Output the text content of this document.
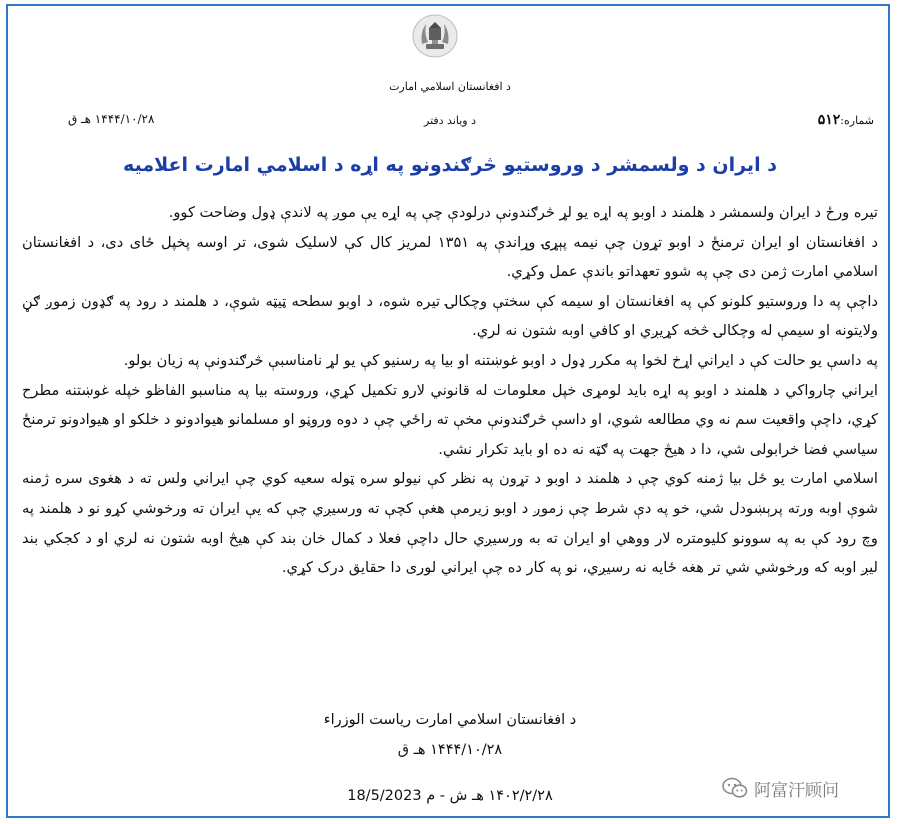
د افغانستان اسلامي امارت
د ویاند دفتر	شماره:۵۱۲
۱۴۴۴/۱۰/۲۸ هـ ق
د ایران د ولسمشر د وروستیو څرګندونو په اړه د اسلامي امارت اعلامیه

تیره ورځ د ایران ولسمشر د هلمند د اوبو په اړه یو لړ څرګندونې درلودې چې په اړه یې موږ په لاندې ډول وضاحت کوو.

د افغانستان او ایران ترمنځ د اوبو تړون چې نیمه پېړۍ وړاندې په ۱۳۵۱ لمریز کال کې لاسلیک شوی، تر اوسه پخپل ځای دی، د افغانستان اسلامي امارت ژمن دی چې په شوو تعهداتو باندې عمل وکړي.

داچې په دا وروستیو کلونو کې په افغانستان او سیمه کې سختې وچکالۍ تیره شوه، د اوبو سطحه ټیټه شوې، د هلمند د رود په ګډون زموږ ګڼ ولایتونه او سیمې له وچکالۍ څخه کړیږي او کافي اوبه شتون نه لري.

په داسې یو حالت کې د ایراني اړخ لخوا په مکرر ډول د اوبو غوښتنه او بیا په رسنیو کې یو لړ نامناسبې څرګندونې په زیان بولو.

ایراني چارواکي د هلمند د اوبو په اړه باید لومړی خپل معلومات له قانوني لارو تکمیل کړي، وروسته بیا په مناسبو الفاظو خپله غوښتنه مطرح کړي، داچې واقعیت سم نه وي مطالعه شوي، او داسې څرګندونې مخې ته راځي چې د دوه وروڼو او مسلمانو هیوادونو د خلکو او هیوادونو ترمنځ سیاسي فضا خرابولی شي، دا د هیڅ جهت په ګټه نه ده او باید تکرار نشي.

اسلامي امارت یو ځل بیا ژمنه کوي چې د هلمند د اوبو د تړون په نظر کې نیولو سره ټوله سعیه کوي چې ایراني ولس ته د هغوی سره ژمنه شوې اوبه ورته پرېښودل شي، خو په دې شرط چې زموږ د اوبو زیرمې هغې کچې ته ورسیږي چې که یې ایران ته ورخوشي کړو نو د هلمند په وچ رود کې به په سوونو کلیومتره لار ووهي او ایران ته به ورسیږي حال داچې فعلا د کمال خان بند کې هیڅ اوبه شتون نه لري او د کجکي بند لیږ اوبه که ورخوشي شي تر هغه ځایه نه رسیږي، نو په کار ده چې ایراني لوری دا حقایق درک کړي.

د افغانستان اسلامي امارت ریاست الوزراء
۱۴۴۴/۱۰/۲۸ هـ ق
۱۴۰۲/۲/۲۸ هـ ش - 18/5/2023 م	阿富汗顾问
